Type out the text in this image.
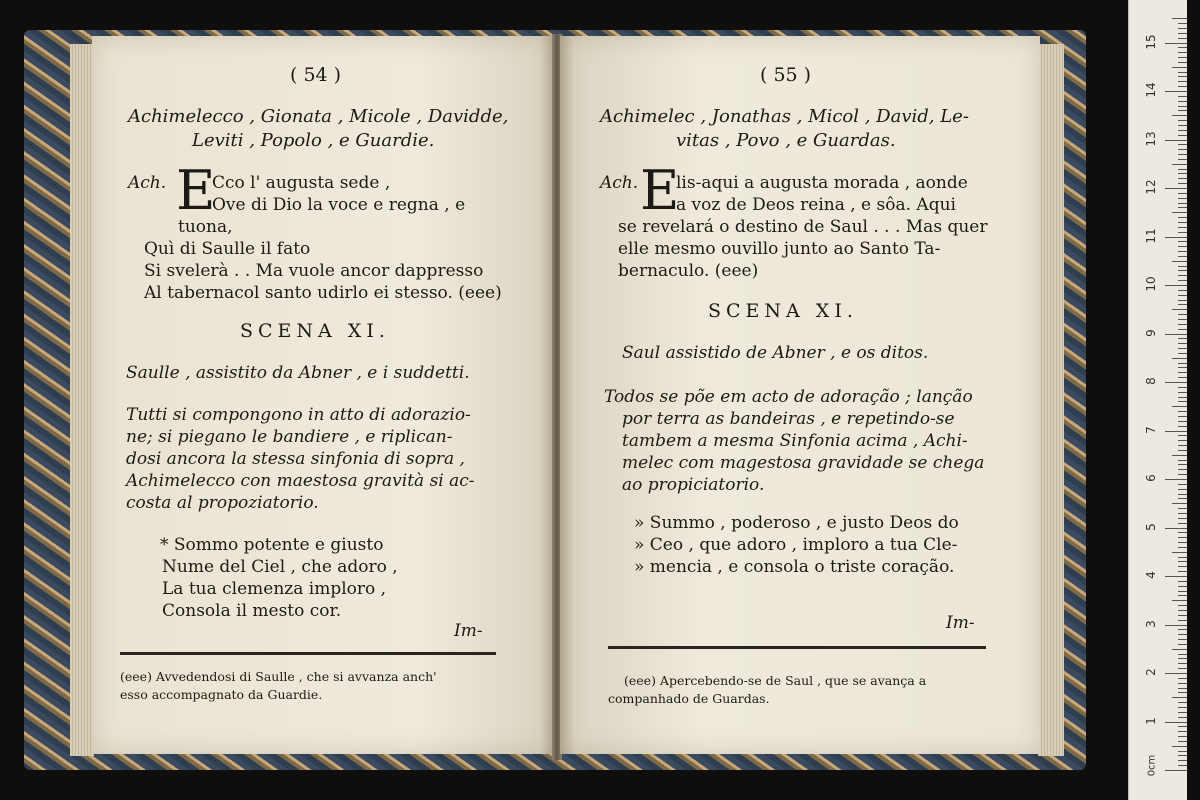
( 54 )
Achimelecco , Gionata , Micole , Davidde,
Leviti , Popolo , e Guardie.
Ach. E
Cco l' augusta sede ,
Ove di Dio la voce e regna , e
tuona,
Quì di Saulle il fato
Si svelerà . . Ma vuole ancor dappresso
Al tabernacol santo udirlo ei stesso. (eee)
SCENA XI.
Saulle , assistito da Abner , e i suddetti.
Tutti si compongono in atto di adorazio-
ne; si piegano le bandiere , e riplican-
dosi ancora la stessa sinfonia di sopra ,
Achimelecco con maestosa gravità si ac-
costa al propoziatorio.
* Sommo potente e giusto
Nume del Ciel , che adoro ,
La tua clemenza imploro ,
Consola il mesto cor.
Im-
(eee) Avvedendosi di Saulle , che si avvanza anch'
esso accompagnato da Guardie.
( 55 )
Achimelec , Jonathas , Micol , David, Le-
vitas , Povo , e Guardas.
Ach. E
lis-aqui a augusta morada , aonde
a voz de Deos reina , e sôa. Aqui
se revelará o destino de Saul . . . Mas quer
elle mesmo ouvillo junto ao Santo Ta-
bernaculo. (eee)
SCENA XI.
Saul assistido de Abner , e os ditos.
Todos se põe em acto de adoração ; lanção
por terra as bandeiras , e repetindo-se
tambem a mesma Sinfonia acima , Achi-
melec com magestosa gravidade se chega
ao propiciatorio.
» Summo , poderoso , e justo Deos do
» Ceo , que adoro , imploro a tua Cle-
» mencia , e consola o triste coração.
Im-
(eee) Apercebendo-se de Saul , que se avança a
companhado de Guardas.
1
2
3
4
5
6
7
8
9
10
11
12
13
14
15
0cm
